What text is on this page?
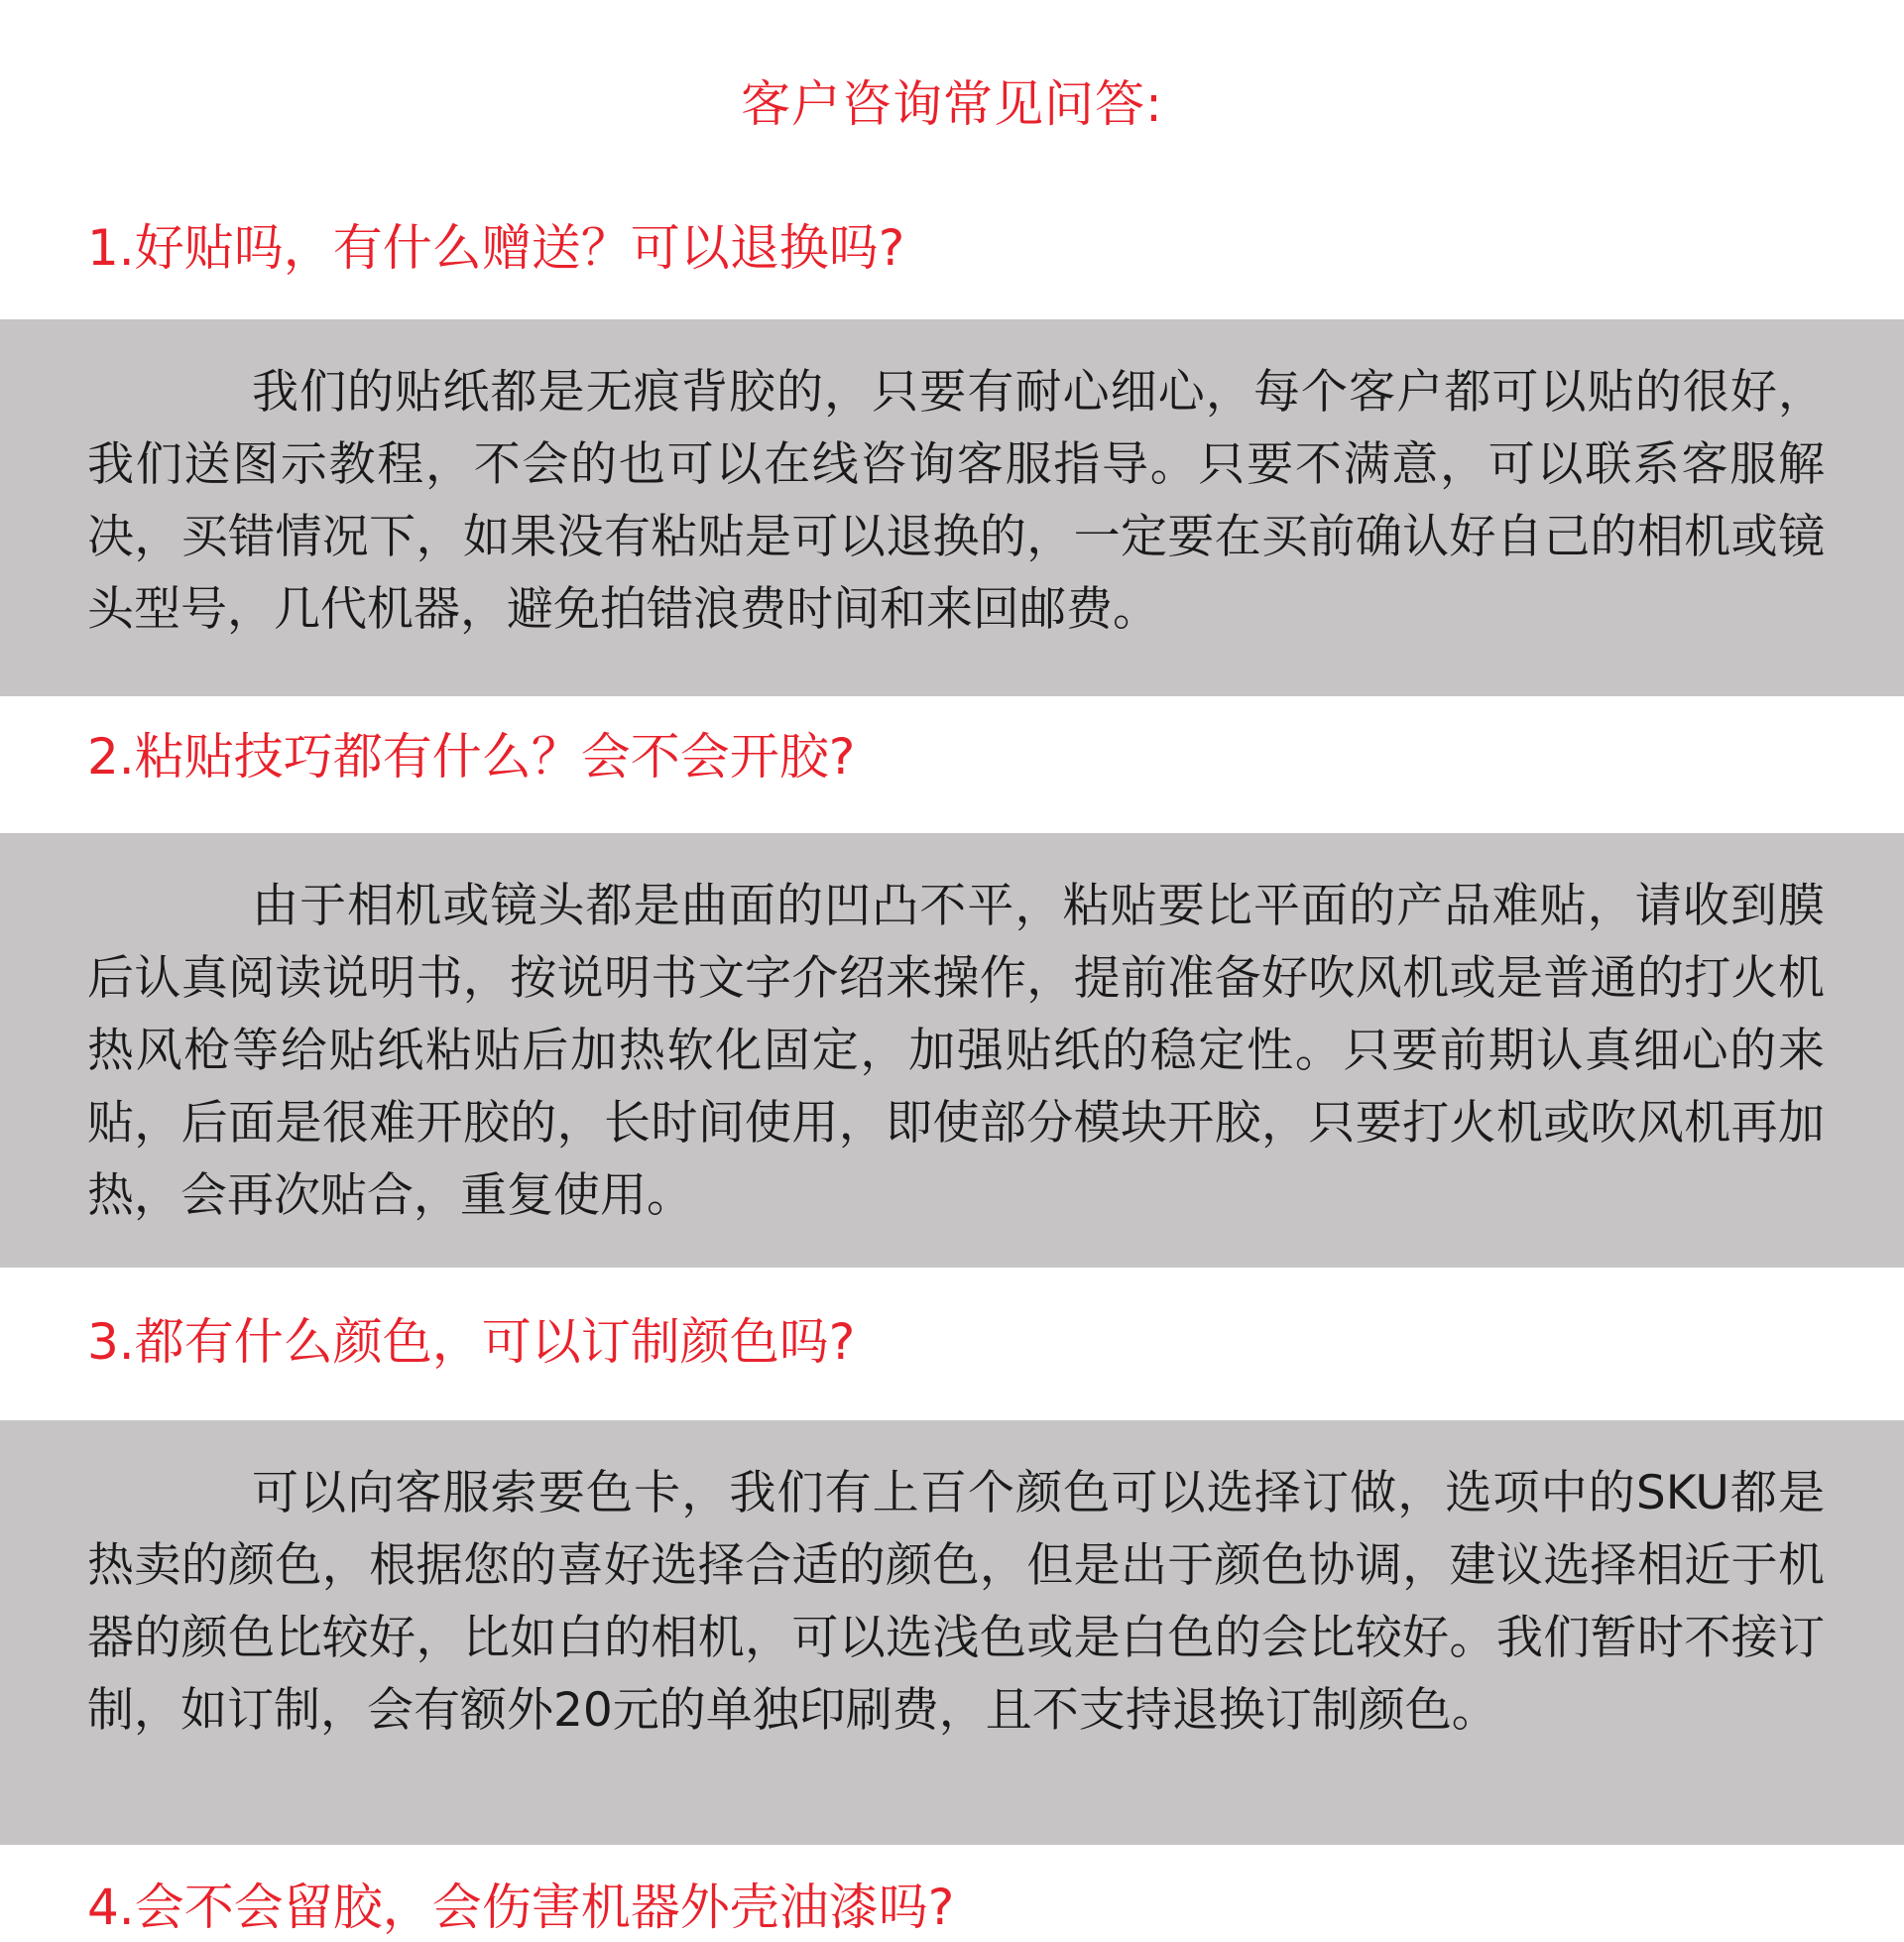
客户咨询常见问答:
1.好贴吗，有什么赠送？可以退换吗?

我们的贴纸都是无痕背胶的，只要有耐心细心，每个客户都可以贴的很好，我们送图示教程，不会的也可以在线咨询客服指导。只要不满意，可以联系客服解决，买错情况下，如果没有粘贴是可以退换的，一定要在买前确认好自己的相机或镜头型号，几代机器，避免拍错浪费时间和来回邮费。

2.粘贴技巧都有什么？会不会开胶?

由于相机或镜头都是曲面的凹凸不平，粘贴要比平面的产品难贴，请收到膜后认真阅读说明书，按说明书文字介绍来操作，提前准备好吹风机或是普通的打火机 热风枪等给贴纸粘贴后加热软化固定，加强贴纸的稳定性。只要前期认真细心的来贴，后面是很难开胶的，长时间使用，即使部分模块开胶，只要打火机或吹风机再加热，会再次贴合，重复使用。

3.都有什么颜色，可以订制颜色吗?

可以向客服索要色卡，我们有上百个颜色可以选择订做，选项中的SKU都是热卖的颜色，根据您的喜好选择合适的颜色，但是出于颜色协调，建议选择相近于机器的颜色比较好，比如白的相机，可以选浅色或是白色的会比较好。我们暂时不接订制，如订制，会有额外20元的单独印刷费，且不支持退换订制颜色。

4.会不会留胶，会伤害机器外壳油漆吗?
